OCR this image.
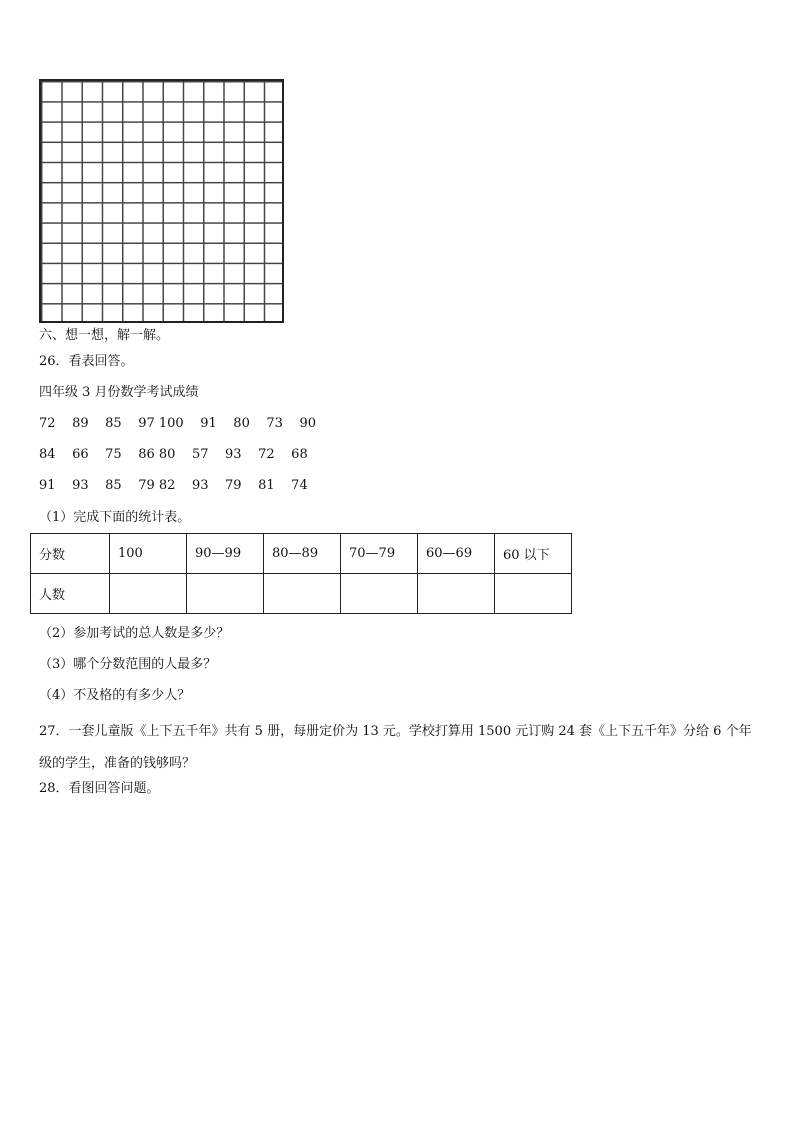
六、想一想，解一解。
26．看表回答。
四年级 3 月份数学考试成绩
72    89    85    97 100    91    80    73    90
84    66    75    86 80    57    93    72    68
91    93    85    79 82    93    79    81    74
（1）完成下面的统计表。
分数	100	90—99	80—89	70—79	60—69	60 以下
人数						
（2）参加考试的总人数是多少？
（3）哪个分数范围的人最多？
（4）不及格的有多少人？
27．一套儿童版《上下五千年》共有 5 册，每册定价为 13 元。学校打算用 1500 元订购 24 套《上下五千年》分给 6 个年级的学生，准备的钱够吗？
28．看图回答问题。
